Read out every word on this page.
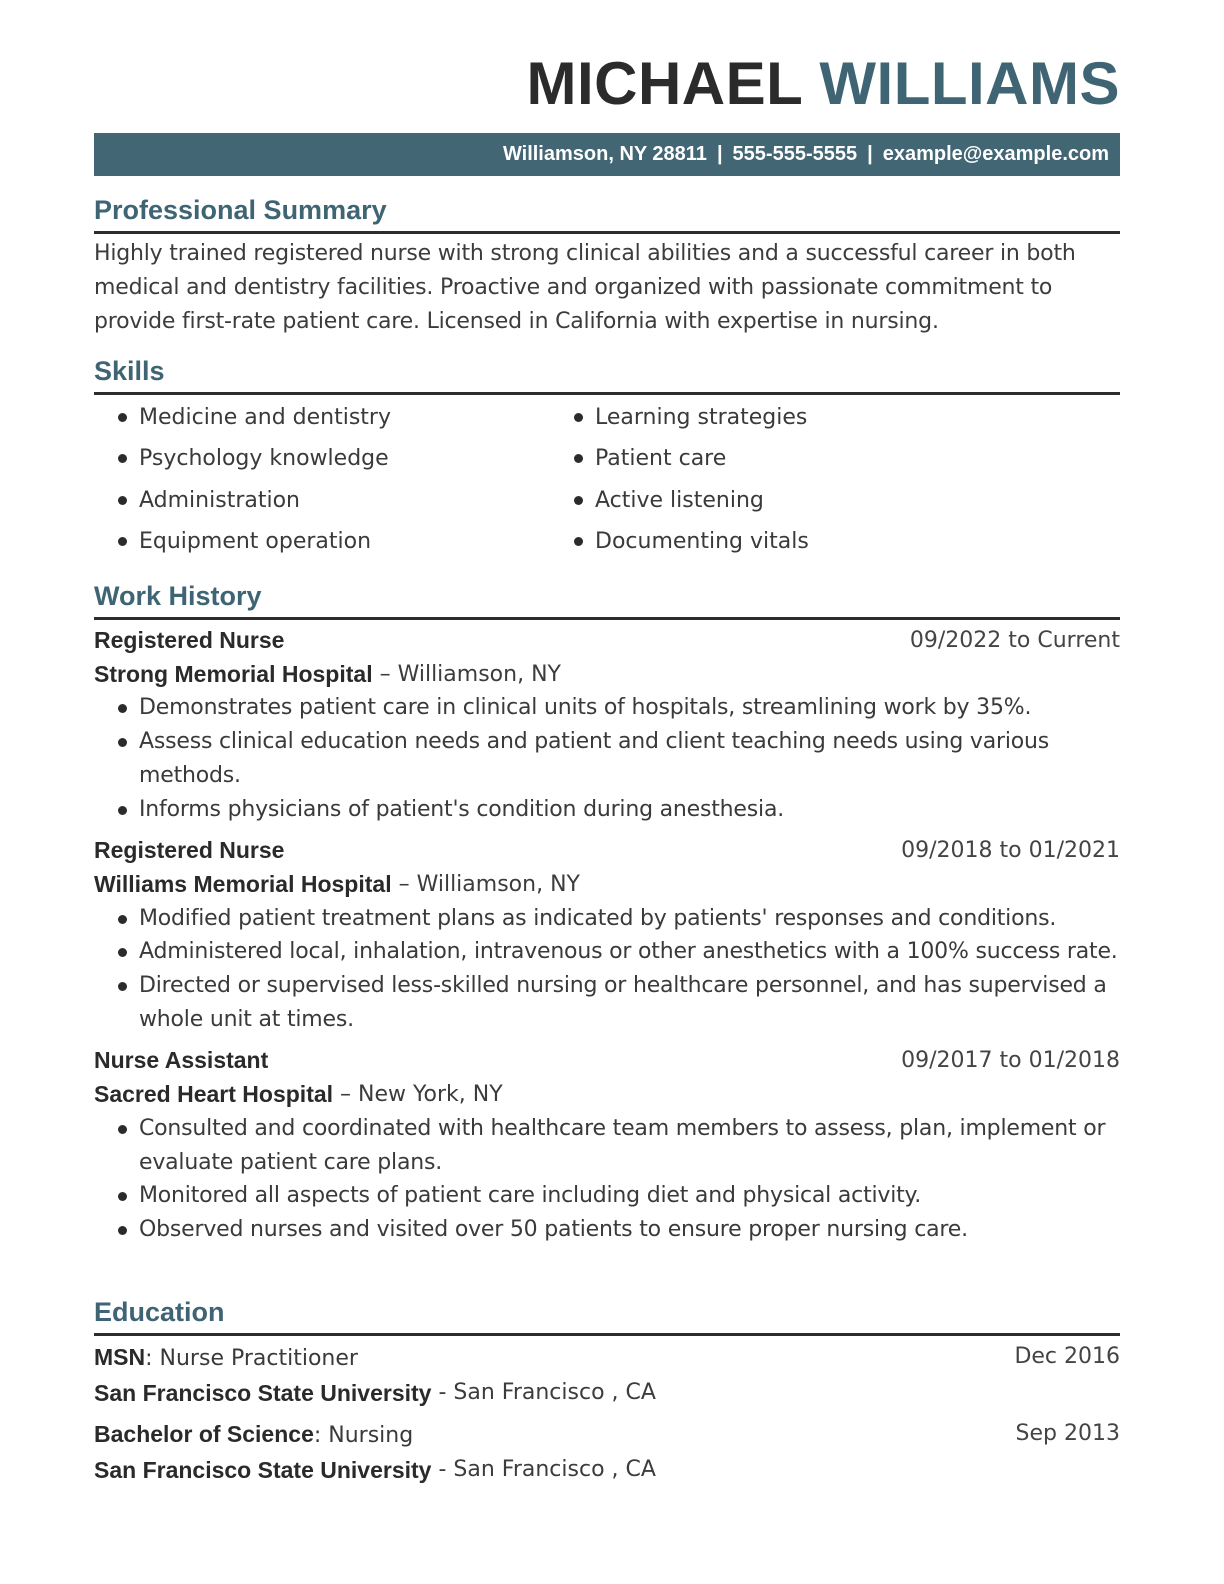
MICHAEL WILLIAMS
Williamson, NY 28811 | 555-555-5555 | example@example.com
Professional Summary
Highly trained registered nurse with strong clinical abilities and a successful career in both medical and dentistry facilities. Proactive and organized with passionate commitment to provide first-rate patient care. Licensed in California with expertise in nursing.
Skills
Medicine and dentistry
Psychology knowledge
Administration
Equipment operation
Learning strategies
Patient care
Active listening
Documenting vitals
Work History
Registered Nurse	09/2022 to Current
Strong Memorial Hospital – Williamson, NY
Demonstrates patient care in clinical units of hospitals, streamlining work by 35%.
Assess clinical education needs and patient and client teaching needs using various methods.
Informs physicians of patient's condition during anesthesia.
Registered Nurse	09/2018 to 01/2021
Williams Memorial Hospital – Williamson, NY
Modified patient treatment plans as indicated by patients' responses and conditions.
Administered local, inhalation, intravenous or other anesthetics with a 100% success rate.
Directed or supervised less-skilled nursing or healthcare personnel, and has supervised a whole unit at times.
Nurse Assistant	09/2017 to 01/2018
Sacred Heart Hospital – New York, NY
Consulted and coordinated with healthcare team members to assess, plan, implement or evaluate patient care plans.
Monitored all aspects of patient care including diet and physical activity.
Observed nurses and visited over 50 patients to ensure proper nursing care.
Education
MSN: Nurse Practitioner	Dec 2016
San Francisco State University - San Francisco , CA
Bachelor of Science: Nursing	Sep 2013
San Francisco State University - San Francisco , CA
